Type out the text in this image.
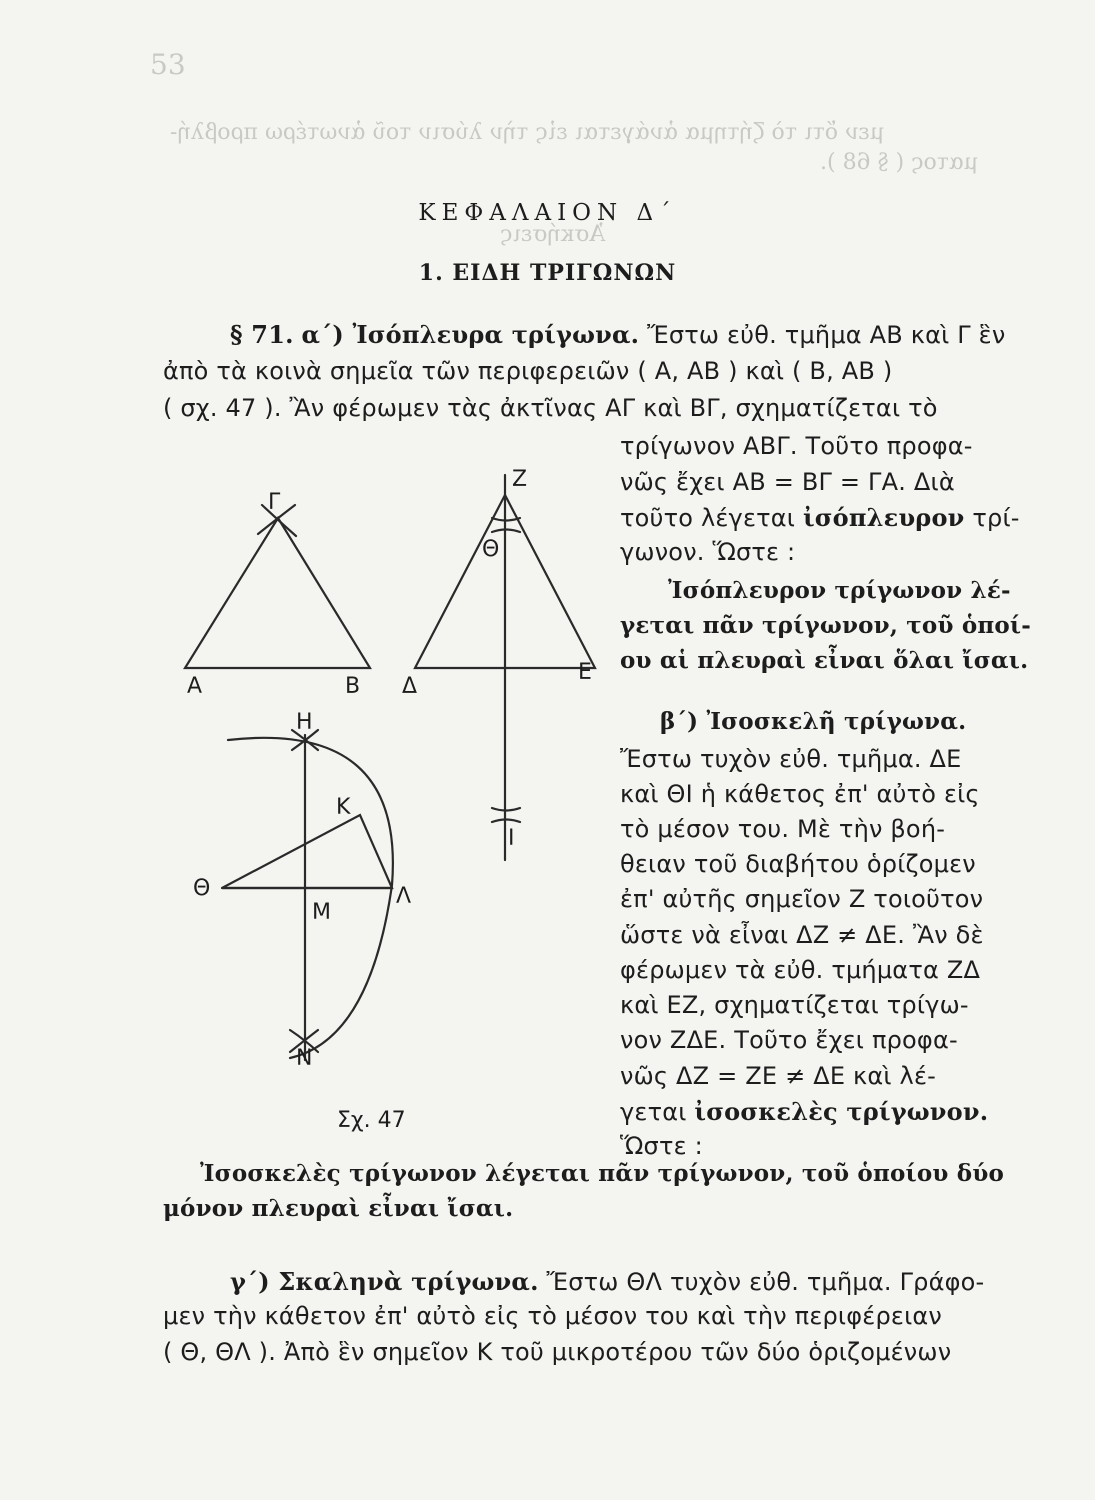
53
μεν ὅτι τὸ ζήτημα ἀνάγεται εἰς τὴν λύσιν τοῦ ἀνωτέρω προβλή-
ματος ( § 68 ).
Ἀσκήσεις
ΚΕΦΑΛΑΙΟΝ Δ΄
1. ΕΙΔΗ ΤΡΙΓΩΝΩΝ
§ 71. α΄) Ἰσόπλευρα τρίγωνα. Ἔστω εὐθ. τμῆμα ΑΒ καὶ Γ ἓν
ἀπὸ τὰ κοινὰ σημεῖα τῶν περιφερειῶν ( Α, ΑΒ ) καὶ ( Β, ΑΒ )
( σχ. 47 ). Ἂν φέρωμεν τὰς ἀκτῖνας ΑΓ καὶ ΒΓ, σχηματίζεται τὸ
τρίγωνον ΑΒΓ. Τοῦτο προφα-
νῶς ἔχει ΑΒ = ΒΓ = ΓΑ. Διὰ
τοῦτο λέγεται ἰσόπλευρον τρί-
γωνον. Ὥστε :
Ἰσόπλευρον τρίγωνον λέ-
γεται πᾶν τρίγωνον, τοῦ ὁποί-
ου αἱ πλευραὶ εἶναι ὅλαι ἴσαι.
β΄) Ἰσοσκελῆ τρίγωνα.
Ἔστω τυχὸν εὐθ. τμῆμα. ΔΕ
καὶ ΘΙ ἡ κάθετος ἐπ' αὐτὸ εἰς
τὸ μέσον του. Μὲ τὴν βοή-
θειαν τοῦ διαβήτου ὁρίζομεν
ἐπ' αὐτῆς σημεῖον Ζ τοιοῦτον
ὥστε νὰ εἶναι ΔΖ ≠ ΔΕ. Ἂν δὲ
φέρωμεν τὰ εὐθ. τμήματα ΖΔ
καὶ ΕΖ, σχηματίζεται τρίγω-
νον ΖΔΕ. Τοῦτο ἔχει προφα-
νῶς ΔΖ = ΖΕ ≠ ΔΕ καὶ λέ-
γεται ἰσοσκελὲς τρίγωνον.
Ὥστε :
Ἰσοσκελὲς τρίγωνον λέγεται πᾶν τρίγωνον, τοῦ ὁποίου δύο
μόνον πλευραὶ εἶναι ἴσαι.
γ΄) Σκαληνὰ τρίγωνα. Ἔστω ΘΛ τυχὸν εὐθ. τμῆμα. Γράφο-
μεν τὴν κάθετον ἐπ' αὐτὸ εἰς τὸ μέσον του καὶ τὴν περιφέρειαν
( Θ, ΘΛ ). Ἀπὸ ἓν σημεῖον Κ τοῦ μικροτέρου τῶν δύο ὁριζομένων
Γ
Α	Β
Ζ
Θ
Δ
Ε
Ι
Η
Κ
Θ
Μ
Λ
Ν
Σχ. 47
